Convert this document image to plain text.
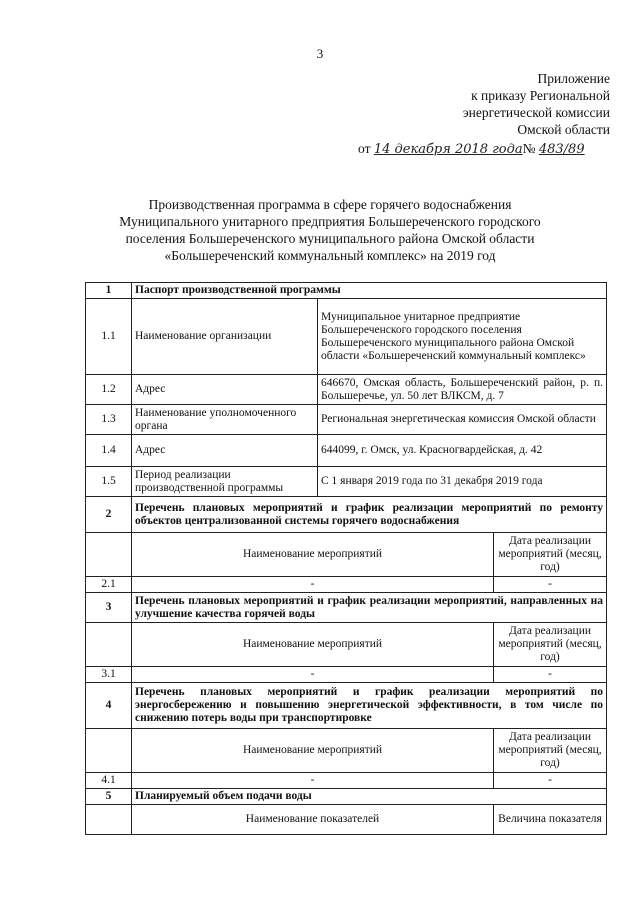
3
Приложение
к приказу Региональной
энергетической комиссии
Омской области
от 14 декабря 2018 года№ 483/89
Производственная программа в сфере горячего водоснабжения
Муниципального унитарного предприятия Большереченского городского
поселения Большереченского муниципального района Омской области
«Большереченский коммунальный комплекс» на 2019 год
1	Паспорт производственной программы		
1.1	Наименование организации	Муниципальное унитарное предприятие Большереченского городского поселения Большереченского муниципального района Омской области «Большереченский коммунальный комплекс»	
1.2	Адрес	646670, Омская область, Большереченский район, р. п. Большеречье, ул. 50 лет ВЛКСМ, д. 7	
1.3	Наименование уполномоченного органа	Региональная энергетическая комиссия Омской области	
1.4	Адрес	644099, г. Омск, ул. Красногвардейская, д. 42	
1.5	Период реализации производственной программы	С 1 января 2019 года по 31 декабря 2019 года	
2	Перечень плановых мероприятий и график реализации мероприятий по ремонту объектов централизованной системы горячего водоснабжения		
	Наименование мероприятий		Дата реализации мероприятий (месяц, год)
2.1	-		-
3	Перечень плановых мероприятий и график реализации мероприятий, направленных на улучшение качества горячей воды		
	Наименование мероприятий		Дата реализации мероприятий (месяц, год)
3.1	-		-
4	Перечень плановых мероприятий и график реализации мероприятий по энергосбережению и повышению энергетической эффективности, в том числе по снижению потерь воды при транспортировке		
	Наименование мероприятий		Дата реализации мероприятий (месяц, год)
4.1	-		-
5	Планируемый объем подачи воды		
	Наименование показателей		Величина показателя
